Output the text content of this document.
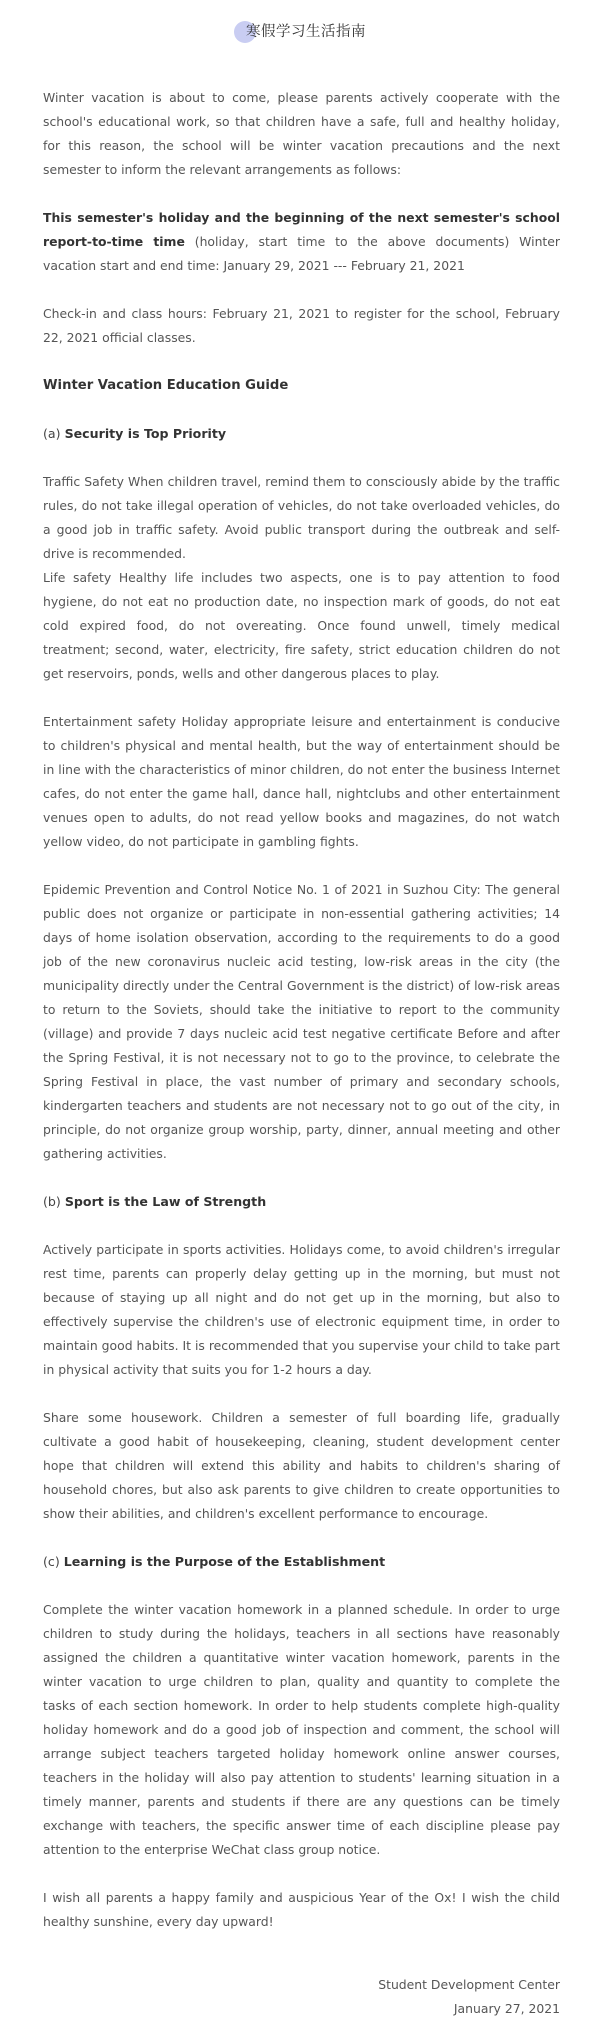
寒假学习生活指南

Winter vacation is about to come, please parents actively cooperate with the school's educational work, so that children have a safe, full and healthy holiday, for this reason, the school will be winter vacation precautions and the next semester to inform the relevant arrangements as follows:

This semester's holiday and the beginning of the next semester's school report-to-time time (holiday, start time to the above documents) Winter vacation start and end time: January 29, 2021 --- February 21, 2021

Check-in and class hours: February 21, 2021 to register for the school, February 22, 2021 official classes.

Winter Vacation Education Guide
(a) Security is Top Priority

Traffic Safety When children travel, remind them to consciously abide by the traffic rules, do not take illegal operation of vehicles, do not take overloaded vehicles, do a good job in traffic safety. Avoid public transport during the outbreak and self-drive is recommended.

Life safety Healthy life includes two aspects, one is to pay attention to food hygiene, do not eat no production date, no inspection mark of goods, do not eat cold expired food, do not overeating. Once found unwell, timely medical treatment; second, water, electricity, fire safety, strict education children do not get reservoirs, ponds, wells and other dangerous places to play.

Entertainment safety Holiday appropriate leisure and entertainment is conducive to children's physical and mental health, but the way of entertainment should be in line with the characteristics of minor children, do not enter the business Internet cafes, do not enter the game hall, dance hall, nightclubs and other entertainment venues open to adults, do not read yellow books and magazines, do not watch yellow video, do not participate in gambling fights.

Epidemic Prevention and Control Notice No. 1 of 2021 in Suzhou City: The general public does not organize or participate in non-essential gathering activities; 14 days of home isolation observation, according to the requirements to do a good job of the new coronavirus nucleic acid testing, low-risk areas in the city (the municipality directly under the Central Government is the district) of low-risk areas to return to the Soviets, should take the initiative to report to the community (village) and provide 7 days nucleic acid test negative certificate Before and after the Spring Festival, it is not necessary not to go to the province, to celebrate the Spring Festival in place, the vast number of primary and secondary schools, kindergarten teachers and students are not necessary not to go out of the city, in principle, do not organize group worship, party, dinner, annual meeting and other gathering activities.

(b) Sport is the Law of Strength

Actively participate in sports activities. Holidays come, to avoid children's irregular rest time, parents can properly delay getting up in the morning, but must not because of staying up all night and do not get up in the morning, but also to effectively supervise the children's use of electronic equipment time, in order to maintain good habits. It is recommended that you supervise your child to take part in physical activity that suits you for 1-2 hours a day.

Share some housework. Children a semester of full boarding life, gradually cultivate a good habit of housekeeping, cleaning, student development center hope that children will extend this ability and habits to children's sharing of household chores, but also ask parents to give children to create opportunities to show their abilities, and children's excellent performance to encourage.

(c) Learning is the Purpose of the Establishment

Complete the winter vacation homework in a planned schedule. In order to urge children to study during the holidays, teachers in all sections have reasonably assigned the children a quantitative winter vacation homework, parents in the winter vacation to urge children to plan, quality and quantity to complete the tasks of each section homework. In order to help students complete high-quality holiday homework and do a good job of inspection and comment, the school will arrange subject teachers targeted holiday homework online answer courses, teachers in the holiday will also pay attention to students' learning situation in a timely manner, parents and students if there are any questions can be timely exchange with teachers, the specific answer time of each discipline please pay attention to the enterprise WeChat class group notice.

I wish all parents a happy family and auspicious Year of the Ox! I wish the child healthy sunshine, every day upward!

Student Development Center
January 27, 2021
